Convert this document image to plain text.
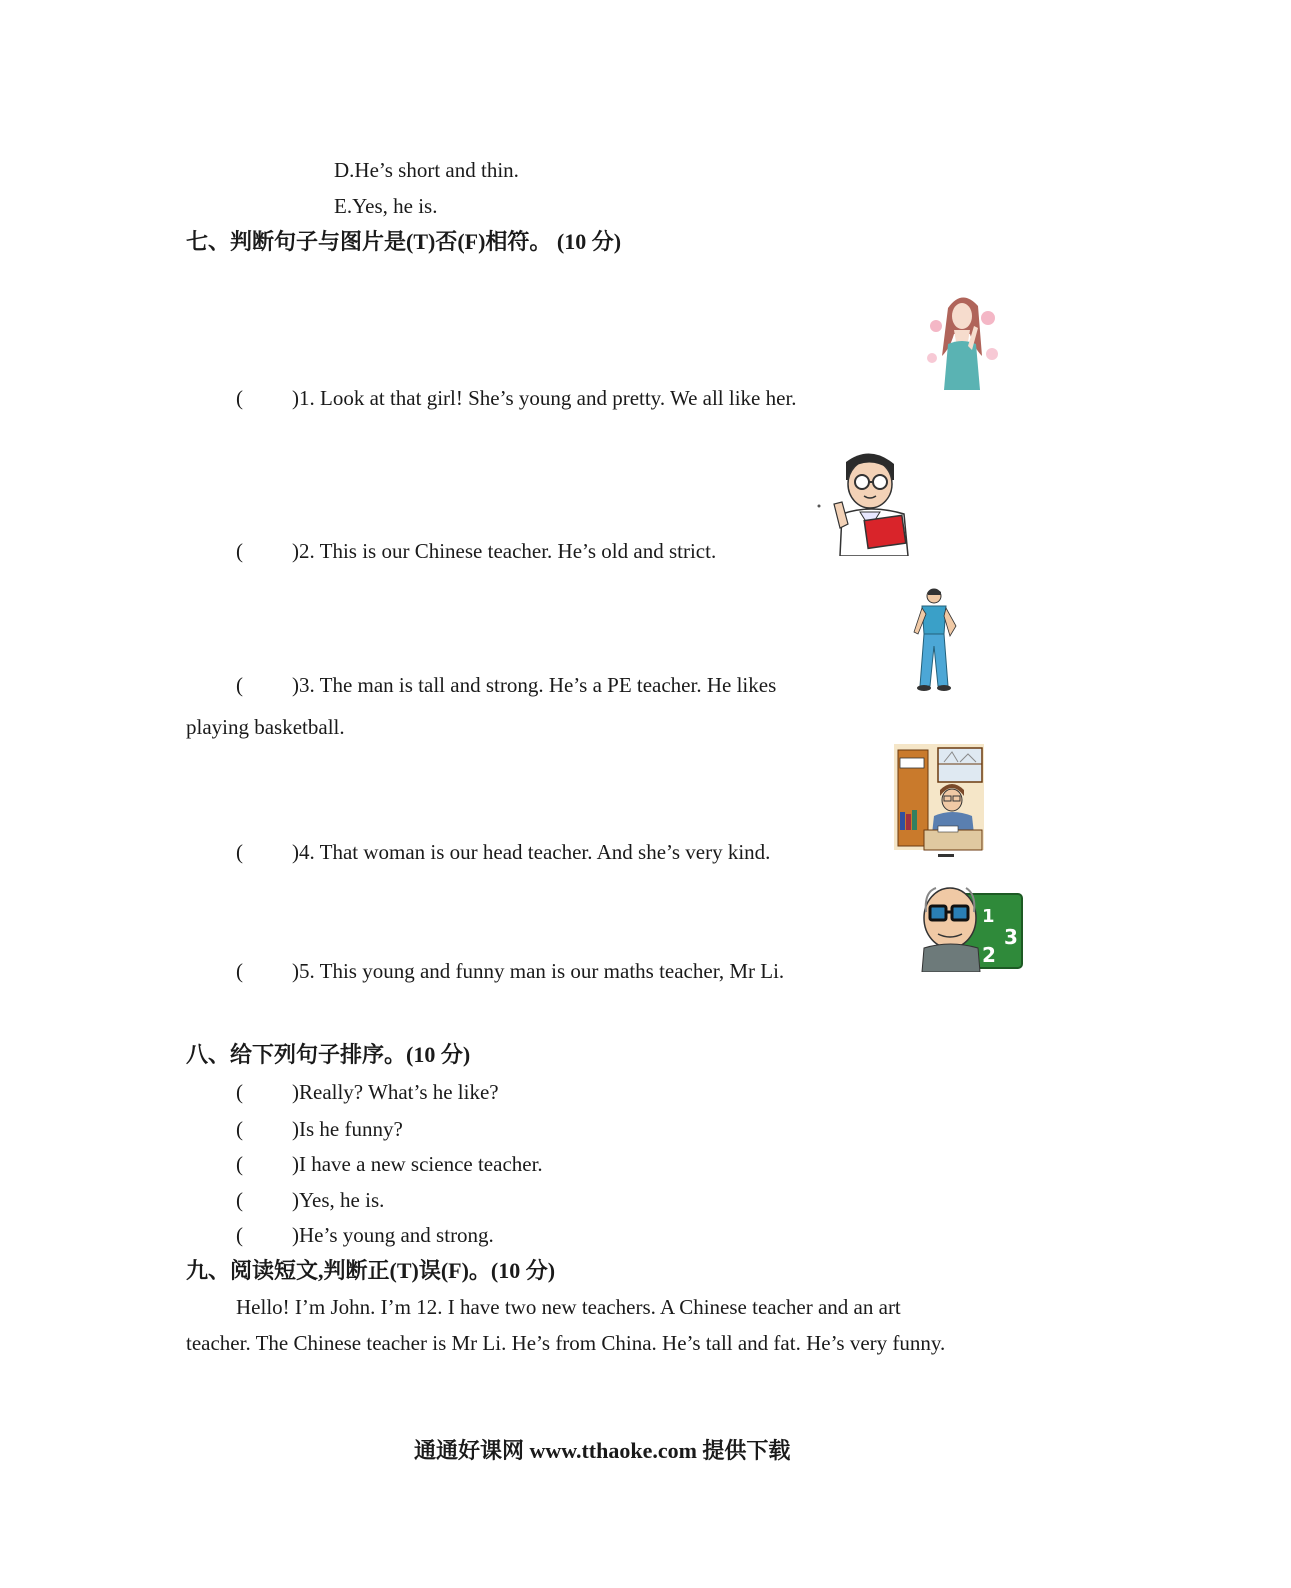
D.He’s short and thin.
E.Yes, he is.
七、判断句子与图片是(T)否(F)相符。 (10 分)
( )1. Look at that girl! She’s young and pretty. We all like her.
( )2. This is our Chinese teacher. He’s old and strict.
( )3. The man is tall and strong. He’s a PE teacher. He likes
playing basketball.
( )4. That woman is our head teacher. And she’s very kind.
( )5. This young and funny man is our maths teacher, Mr Li.
1
3
2
八、给下列句子排序。(10 分)
( )Really? What’s he like?
( )Is he funny?
( )I have a new science teacher.
( )Yes, he is.
( )He’s young and strong.
九、阅读短文,判断正(T)误(F)。(10 分)
Hello! I’m John. I’m 12. I have two new teachers. A Chinese teacher and an art
teacher. The Chinese teacher is Mr Li. He’s from China. He’s tall and fat. He’s very funny.
通通好课网 www.tthaoke.com 提供下载
